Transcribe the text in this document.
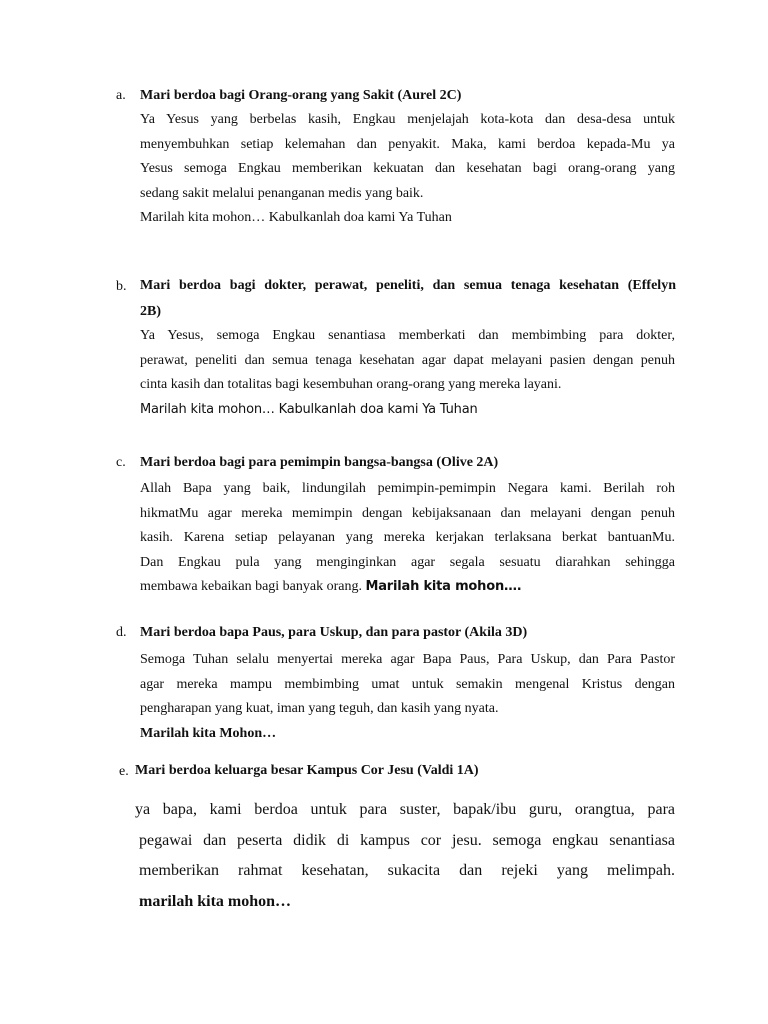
a. Mari berdoa bagi Orang-orang yang Sakit (Aurel 2C)
Ya Yesus yang berbelas kasih, Engkau menjelajah kota-kota dan desa-desa untuk
menyembuhkan setiap kelemahan dan penyakit. Maka, kami berdoa kepada-Mu ya
Yesus semoga Engkau memberikan kekuatan dan kesehatan bagi orang-orang yang
sedang sakit melalui penanganan medis yang baik.
Marilah kita mohon… Kabulkanlah doa kami Ya Tuhan
b. Mari berdoa bagi dokter, perawat, peneliti, dan semua tenaga kesehatan (Effelyn
2B)
Ya Yesus, semoga Engkau senantiasa memberkati dan membimbing para dokter,
perawat, peneliti dan semua tenaga kesehatan agar dapat melayani pasien dengan penuh
cinta kasih dan totalitas bagi kesembuhan orang-orang yang mereka layani.
Marilah kita mohon… Kabulkanlah doa kami Ya Tuhan
c. Mari berdoa bagi para pemimpin bangsa-bangsa (Olive 2A)
Allah Bapa yang baik, lindungilah pemimpin-pemimpin Negara kami. Berilah roh
hikmatMu agar mereka memimpin dengan kebijaksanaan dan melayani dengan penuh
kasih. Karena setiap pelayanan yang mereka kerjakan terlaksana berkat bantuanMu.
Dan Engkau pula yang menginginkan agar segala sesuatu diarahkan sehingga
membawa kebaikan bagi banyak orang. Marilah kita mohon….
d. Mari berdoa bapa Paus, para Uskup, dan para pastor (Akila 3D)
Semoga Tuhan selalu menyertai mereka agar Bapa Paus, Para Uskup, dan Para Pastor
agar mereka mampu membimbing umat untuk semakin mengenal Kristus dengan
pengharapan yang kuat, iman yang teguh, dan kasih yang nyata.
Marilah kita Mohon…
e. Mari berdoa keluarga besar Kampus Cor Jesu (Valdi 1A)
ya bapa, kami berdoa untuk para suster, bapak/ibu guru, orangtua, para
pegawai dan peserta didik di kampus cor jesu. semoga engkau senantiasa
memberikan rahmat kesehatan, sukacita dan rejeki yang melimpah.
marilah kita mohon…
